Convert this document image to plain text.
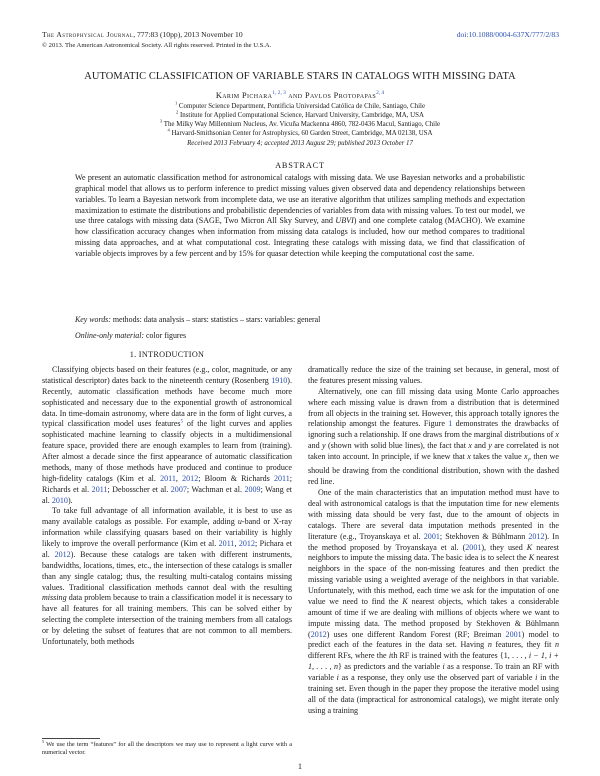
The Astrophysical Journal, 777:83 (10pp), 2013 November 10	doi:10.1088/0004-637X/777/2/83
© 2013. The American Astronomical Society. All rights reserved. Printed in the U.S.A.
AUTOMATIC CLASSIFICATION OF VARIABLE STARS IN CATALOGS WITH MISSING DATA
Karim Pichara$^{1, 2, 3}$ and Pavlos Protopapas$^{2, 4}$
$^1$ Computer Science Department, Pontificia Universidad Católica de Chile, Santiago, Chile
$^2$ Institute for Applied Computational Science, Harvard University, Cambridge, MA, USA
$^3$ The Milky Way Millennium Nucleus, Av. Vicuña Mackenna 4860, 782-0436 Macul, Santiago, Chile
$^4$ Harvard-Smithsonian Center for Astrophysics, 60 Garden Street, Cambridge, MA 02138, USA
Received 2013 February 4; accepted 2013 August 29; published 2013 October 17
ABSTRACT

We present an automatic classification method for astronomical catalogs with missing data. We use Bayesian networks and a probabilistic graphical model that allows us to perform inference to predict missing values given observed data and dependency relationships between variables. To learn a Bayesian network from incomplete data, we use an iterative algorithm that utilizes sampling methods and expectation maximization to estimate the distributions and probabilistic dependencies of variables from data with missing values. To test our model, we use three catalogs with missing data (SAGE, Two Micron All Sky Survey, and UBVI) and one complete catalog (MACHO). We examine how classification accuracy changes when information from missing data catalogs is included, how our method compares to traditional missing data approaches, and at what computational cost. Integrating these catalogs with missing data, we find that classification of variable objects improves by a few percent and by 15% for quasar detection while keeping the computational cost the same.

Key words: methods: data analysis – stars: statistics – stars: variables: general
Online-only material: color figures
1. INTRODUCTION

Classifying objects based on their features (e.g., color, magnitude, or any statistical descriptor) dates back to the nineteenth century (Rosenberg 1910). Recently, automatic classification methods have become much more sophisticated and necessary due to the exponential growth of astronomical data. In time-domain astronomy, where data are in the form of light curves, a typical classification model uses features$^5$ of the light curves and applies sophisticated machine learning to classify objects in a multidimensional feature space, provided there are enough examples to learn from (training). After almost a decade since the first appearance of automatic classification methods, many of those methods have produced and continue to produce high-fidelity catalogs (Kim et al. 2011, 2012; Bloom & Richards 2011; Richards et al. 2011; Debosscher et al. 2007; Wachman et al. 2009; Wang et al. 2010).

To take full advantage of all information available, it is best to use as many available catalogs as possible. For example, adding u-band or X-ray information while classifying quasars based on their variability is highly likely to improve the overall performance (Kim et al. 2011, 2012; Pichara et al. 2012). Because these catalogs are taken with different instruments, bandwidths, locations, times, etc., the intersection of these catalogs is smaller than any single catalog; thus, the resulting multi-catalog contains missing values. Traditional classification methods cannot deal with the resulting missing data problem because to train a classification model it is necessary to have all features for all training members. This can be solved either by selecting the complete intersection of the training members from all catalogs or by deleting the subset of features that are not common to all members. Unfortunately, both methods

dramatically reduce the size of the training set because, in general, most of the features present missing values.

Alternatively, one can fill missing data using Monte Carlo approaches where each missing value is drawn from a distribution that is determined from all objects in the training set. However, this approach totally ignores the relationship amongst the features. Figure 1 demonstrates the drawbacks of ignoring such a relationship. If one draws from the marginal distributions of x and y (shown with solid blue lines), the fact that x and y are correlated is not taken into account. In principle, if we knew that x takes the value $x_i$, then we should be drawing from the conditional distribution, shown with the dashed red line.

One of the main characteristics that an imputation method must have to deal with astronomical catalogs is that the imputation time for new elements with missing data should be very fast, due to the amount of objects in catalogs. There are several data imputation methods presented in the literature (e.g., Troyanskaya et al. 2001; Stekhoven & Bühlmann 2012). In the method proposed by Troyanskaya et al. (2001), they used K nearest neighbors to impute the missing data. The basic idea is to select the K nearest neighbors in the space of the non-missing features and then predict the missing variable using a weighted average of the neighbors in that variable. Unfortunately, with this method, each time we ask for the imputation of one value we need to find the K nearest objects, which takes a considerable amount of time if we are dealing with millions of objects where we want to impute missing data. The method proposed by Stekhoven & Bühlmann (2012) uses one different Random Forest (RF; Breiman 2001) model to predict each of the features in the data set. Having n features, they fit n different RFs, where the ith RF is trained with the features {1, . . . , i − 1, i + 1, . . . , n} as predictors and the variable i as a response. To train an RF with variable i as a response, they only use the observed part of variable i in the training set. Even though in the paper they propose the iterative model using all of the data (impractical for astronomical catalogs), we might iterate only using a training

$^5$ We use the term “features” for all the descriptors we may use to represent a light curve with a numerical vector.
1
